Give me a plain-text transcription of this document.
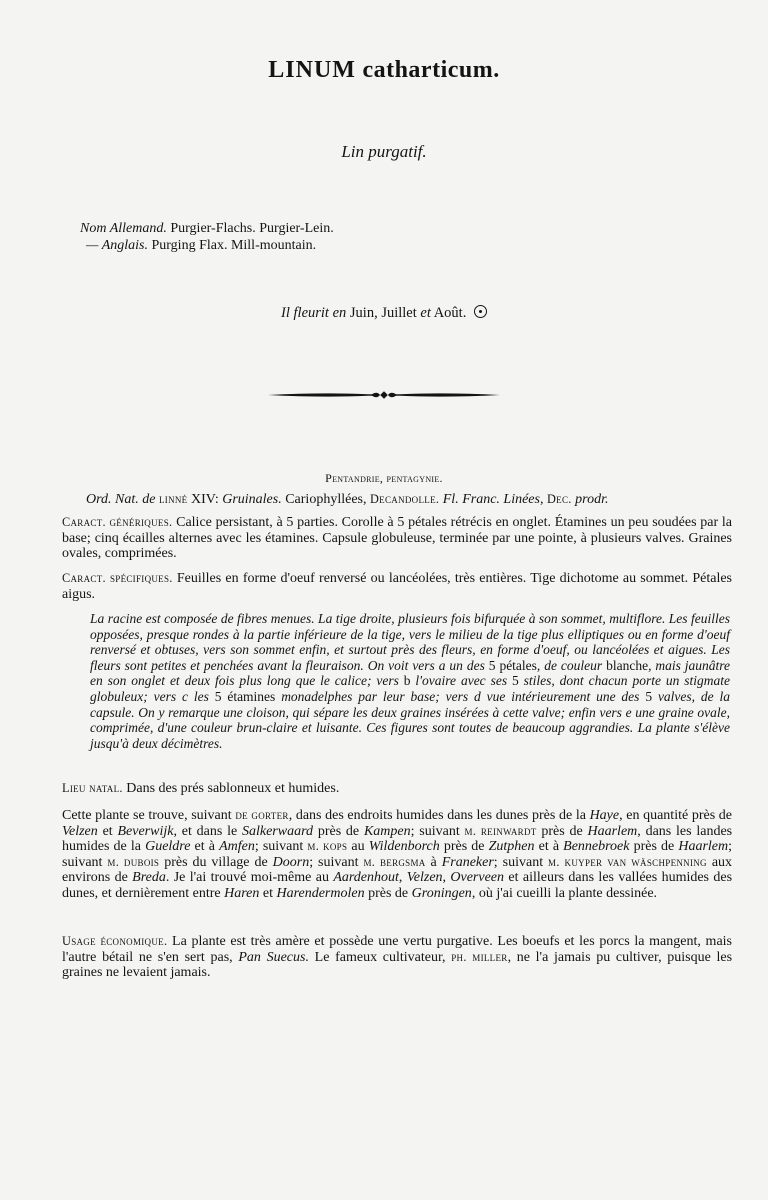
LINUM catharticum.
Lin purgatif.
Nom Allemand. Purgier-Flachs. Purgier-Lein.
— Anglais. Purging Flax. Mill-mountain.
Il fleurit en Juin, Juillet et Août.
Pentandrie, pentagynie.
Ord. Nat. de linné XIV: Gruinales. Cariophyllées, Decandolle. Fl. Franc. Linées, Dec. prodr.
Caract. génériques. Calice persistant, à 5 parties. Corolle à 5 pétales rétrécis en onglet. Étamines un peu soudées par la base; cinq écailles alternes avec les étamines. Capsule globuleuse, terminée par une pointe, à plusieurs valves. Graines ovales, comprimées.
Caract. spécifiques. Feuilles en forme d'oeuf renversé ou lancéolées, très entières. Tige dichotome au sommet. Pétales aigus.
La racine est composée de fibres menues. La tige droite, plusieurs fois bifurquée à son sommet, multiflore. Les feuilles opposées, presque rondes à la partie inférieure de la tige, vers le milieu de la tige plus elliptiques ou en forme d'oeuf renversé et obtuses, vers son sommet enfin, et surtout près des fleurs, en forme d'oeuf, ou lancéolées et aigues. Les fleurs sont petites et penchées avant la fleuraison. On voit vers a un des 5 pétales, de couleur blanche, mais jaunâtre en son onglet et deux fois plus long que le calice; vers b l'ovaire avec ses 5 stiles, dont chacun porte un stigmate globuleux; vers c les 5 étamines monadelphes par leur base; vers d vue intérieurement une des 5 valves, de la capsule. On y remarque une cloison, qui sépare les deux graines insérées à cette valve; enfin vers e une graine ovale, comprimée, d'une couleur brun-claire et luisante. Ces figures sont toutes de beaucoup aggrandies. La plante s'élève jusqu'à deux décimètres.
Lieu natal. Dans des prés sablonneux et humides.
Cette plante se trouve, suivant de gorter, dans des endroits humides dans les dunes près de la Haye, en quantité près de Velzen et Beverwijk, et dans le Salkerwaard près de Kampen; suivant m. reinwardt près de Haarlem, dans les landes humides de la Gueldre et à Amfen; suivant m. kops au Wildenborch près de Zutphen et à Bennebroek près de Haarlem; suivant m. dubois près du village de Doorn; suivant m. bergsma à Franeker; suivant m. kuyper van wäschpenning aux environs de Breda. Je l'ai trouvé moi-même au Aardenhout, Velzen, Overveen et ailleurs dans les vallées humides des dunes, et dernièrement entre Haren et Harendermolen près de Groningen, où j'ai cueilli la plante dessinée.
Usage économique. La plante est très amère et possède une vertu purgative. Les boeufs et les porcs la mangent, mais l'autre bétail ne s'en sert pas, Pan Suecus. Le fameux cultivateur, ph. miller, ne l'a jamais pu cultiver, puisque les graines ne levaient jamais.
